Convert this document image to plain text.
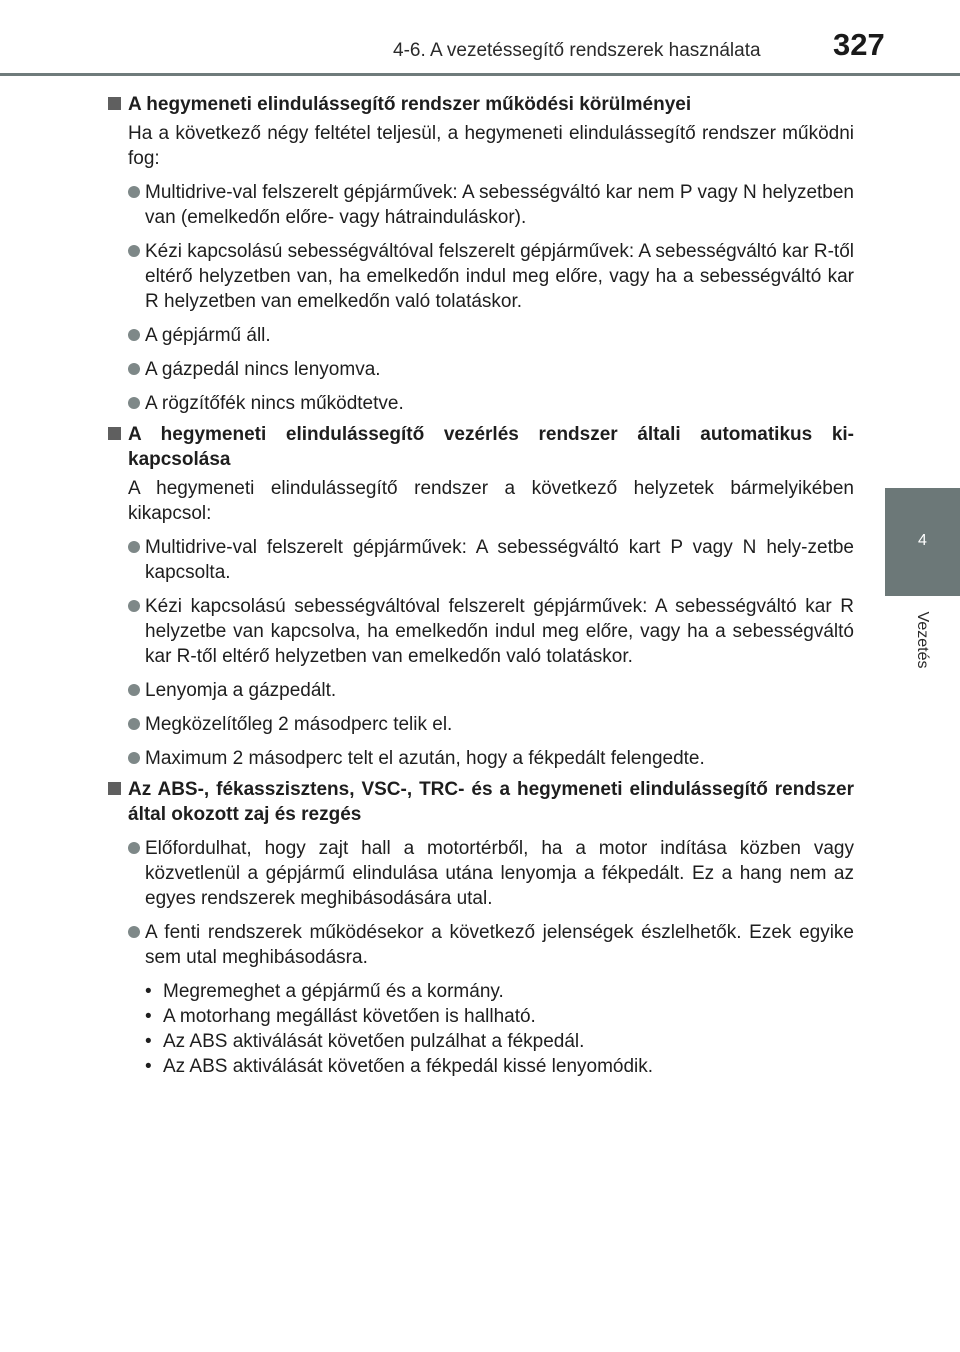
4-6. A vezetéssegítő rendszerek használata 327
4
Vezetés
A hegymeneti elindulássegítő rendszer működési körülményei
Ha a következő négy feltétel teljesül, a hegymeneti elindulássegítő rendszer működni fog:
Multidrive-val felszerelt gépjárművek: A sebességváltó kar nem P vagy N helyzetben van (emelkedőn előre- vagy hátrainduláskor).
Kézi kapcsolású sebességváltóval felszerelt gépjárművek: A sebességváltó kar R-től eltérő helyzetben van, ha emelkedőn indul meg előre, vagy ha a sebességváltó kar R helyzetben van emelkedőn való tolatáskor.
A gépjármű áll.
A gázpedál nincs lenyomva.
A rögzítőfék nincs működtetve.
A hegymeneti elindulássegítő vezérlés rendszer általi automatikus ki-kapcsolása
A hegymeneti elindulássegítő rendszer a következő helyzetek bármelyikében kikapcsol:
Multidrive-val felszerelt gépjárművek: A sebességváltó kart P vagy N hely-zetbe kapcsolta.
Kézi kapcsolású sebességváltóval felszerelt gépjárművek: A sebességváltó kar R helyzetbe van kapcsolva, ha emelkedőn indul meg előre, vagy ha a sebességváltó kar R-től eltérő helyzetben van emelkedőn való tolatáskor.
Lenyomja a gázpedált.
Megközelítőleg 2 másodperc telik el.
Maximum 2 másodperc telt el azután, hogy a fékpedált felengedte.
Az ABS-, fékasszisztens, VSC-, TRC- és a hegymeneti elindulássegítő rendszer által okozott zaj és rezgés
Előfordulhat, hogy zajt hall a motortérből, ha a motor indítása közben vagy közvetlenül a gépjármű elindulása utána lenyomja a fékpedált. Ez a hang nem az egyes rendszerek meghibásodására utal.
A fenti rendszerek működésekor a következő jelenségek észlelhetők. Ezek egyike sem utal meghibásodásra.
• Megremeghet a gépjármű és a kormány.
• A motorhang megállást követően is hallható.
• Az ABS aktiválását követően pulzálhat a fékpedál.
• Az ABS aktiválását követően a fékpedál kissé lenyomódik.
